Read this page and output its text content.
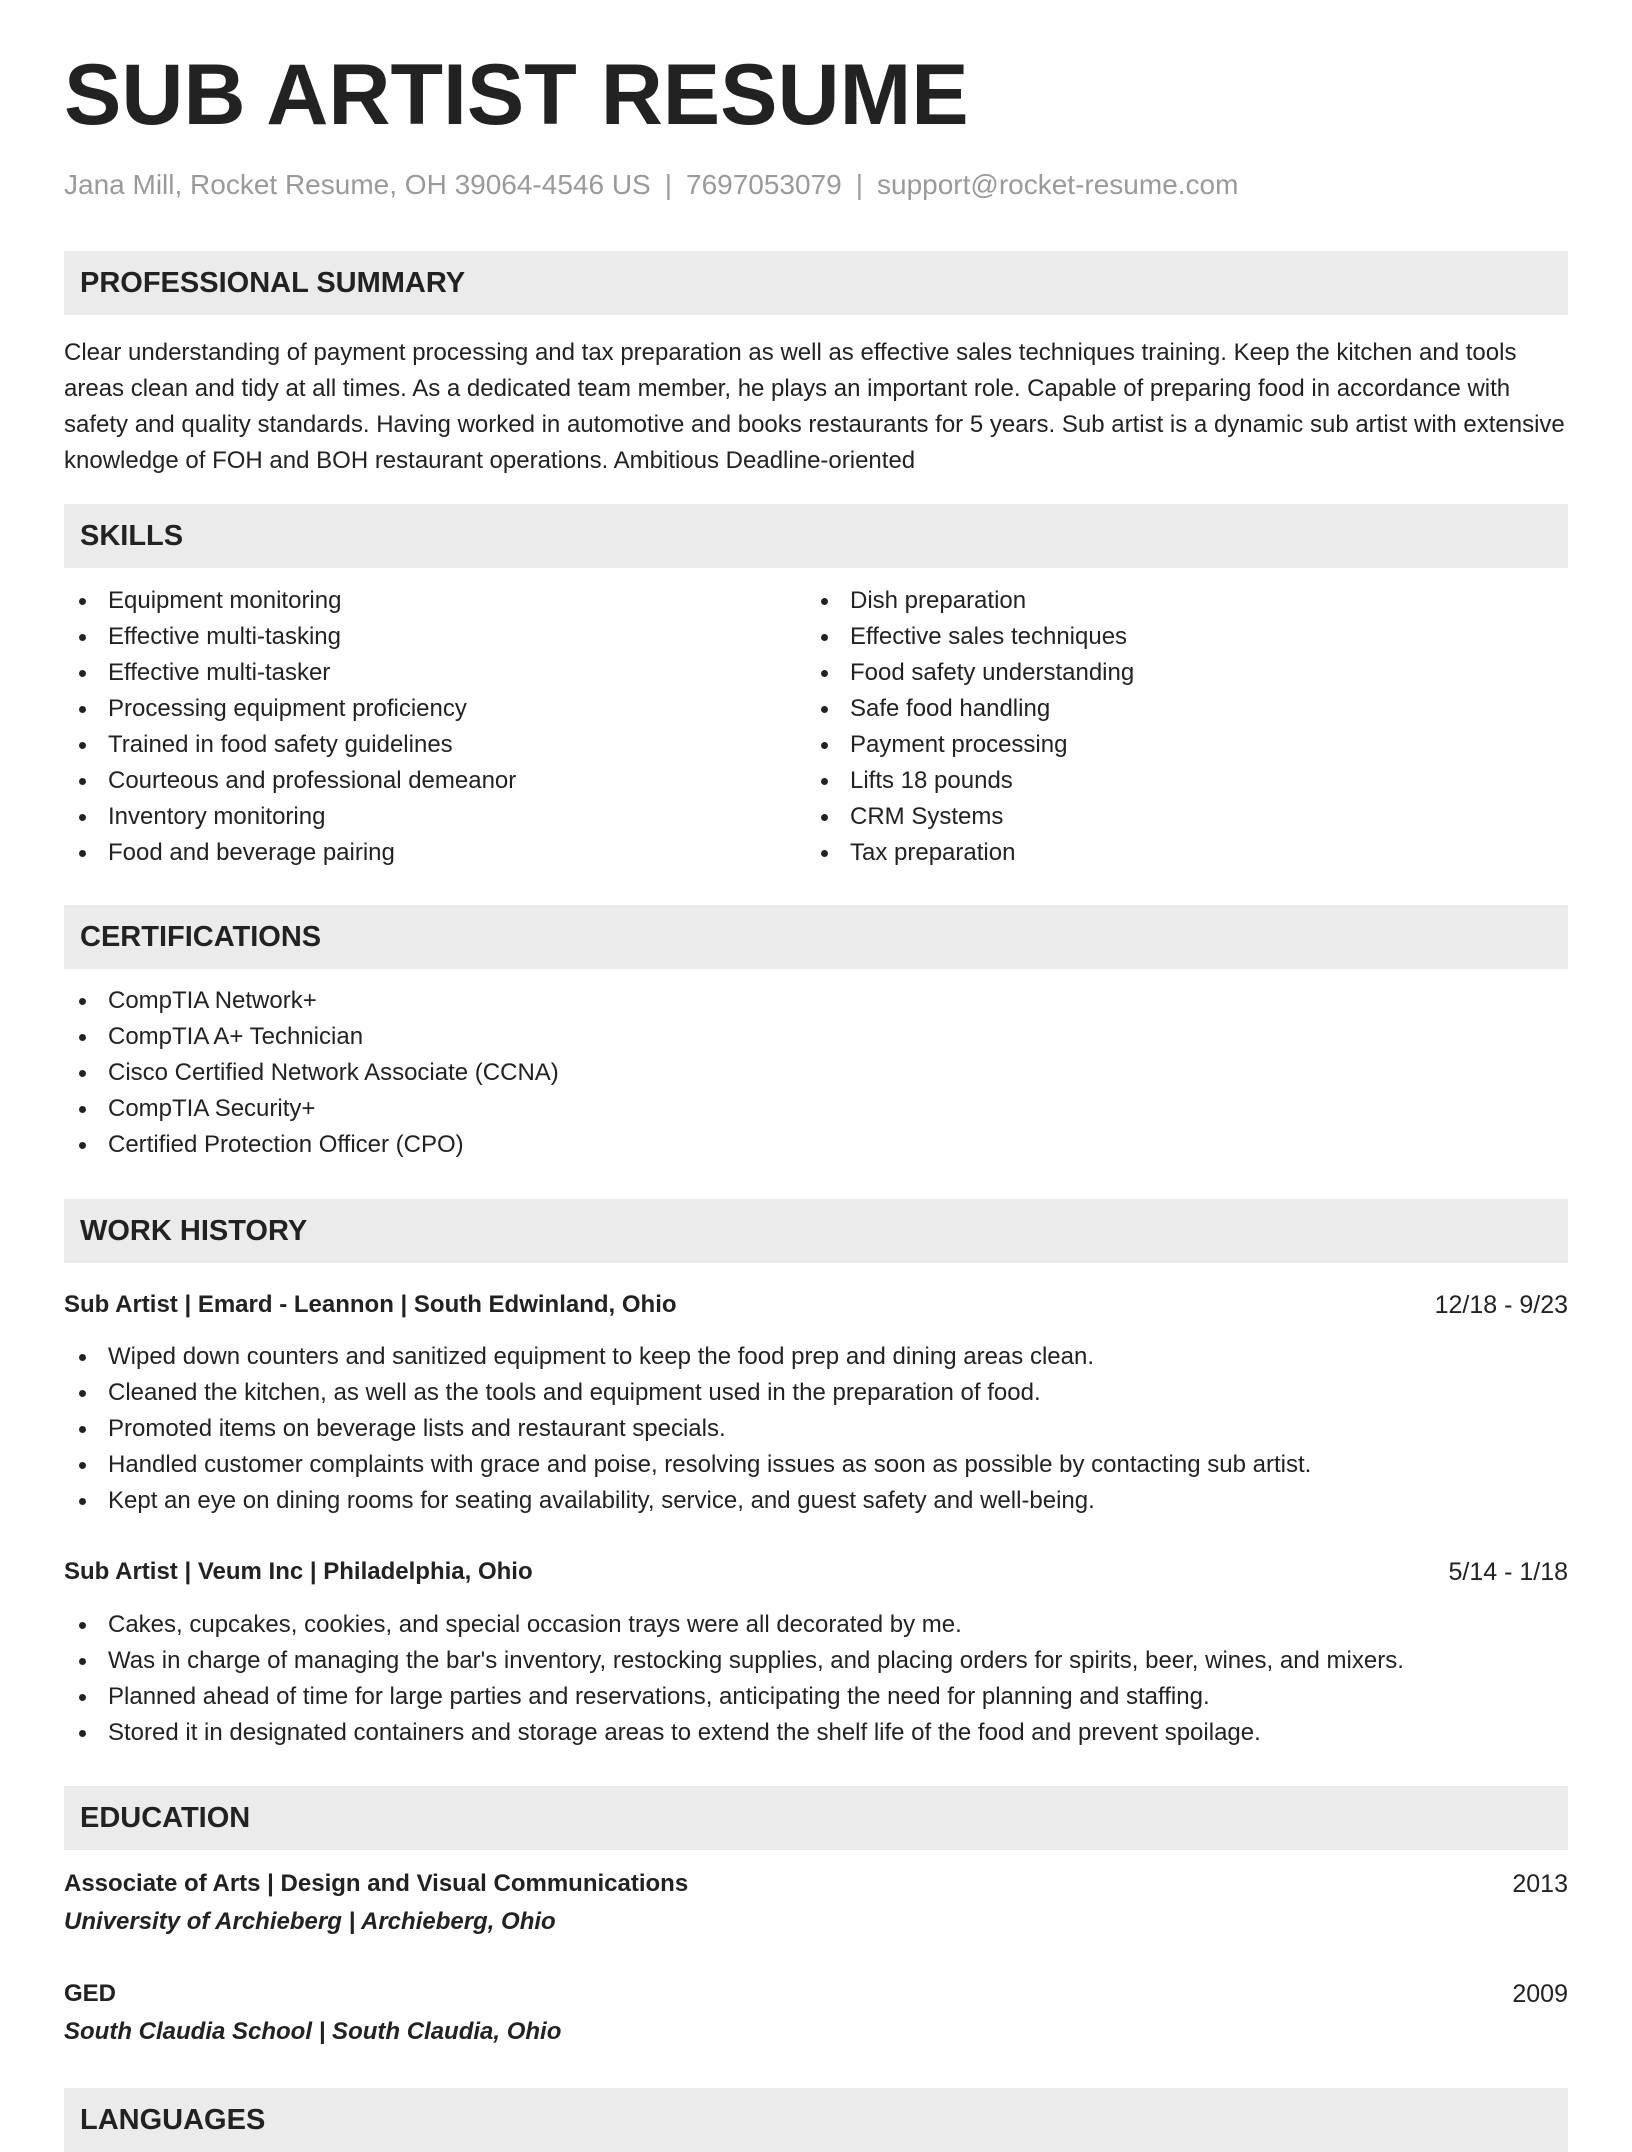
SUB ARTIST RESUME
Jana Mill, Rocket Resume, OH 39064-4546 US | 7697053079 | support@rocket-resume.com
PROFESSIONAL SUMMARY

Clear understanding of payment processing and tax preparation as well as effective sales techniques training. Keep the kitchen and tools areas clean and tidy at all times. As a dedicated team member, he plays an important role. Capable of preparing food in accordance with safety and quality standards. Having worked in automotive and books restaurants for 5 years. Sub artist is a dynamic sub artist with extensive knowledge of FOH and BOH restaurant operations. Ambitious Deadline-oriented

SKILLS
Equipment monitoring
Effective multi-tasking
Effective multi-tasker
Processing equipment proficiency
Trained in food safety guidelines
Courteous and professional demeanor
Inventory monitoring
Food and beverage pairing
Dish preparation
Effective sales techniques
Food safety understanding
Safe food handling
Payment processing
Lifts 18 pounds
CRM Systems
Tax preparation
CERTIFICATIONS
CompTIA Network+
CompTIA A+ Technician
Cisco Certified Network Associate (CCNA)
CompTIA Security+
Certified Protection Officer (CPO)
WORK HISTORY
Sub Artist | Emard - Leannon | South Edwinland, Ohio	12/18 - 9/23
Wiped down counters and sanitized equipment to keep the food prep and dining areas clean.
Cleaned the kitchen, as well as the tools and equipment used in the preparation of food.
Promoted items on beverage lists and restaurant specials.
Handled customer complaints with grace and poise, resolving issues as soon as possible by contacting sub artist.
Kept an eye on dining rooms for seating availability, service, and guest safety and well-being.
Sub Artist | Veum Inc | Philadelphia, Ohio	5/14 - 1/18
Cakes, cupcakes, cookies, and special occasion trays were all decorated by me.
Was in charge of managing the bar's inventory, restocking supplies, and placing orders for spirits, beer, wines, and mixers.
Planned ahead of time for large parties and reservations, anticipating the need for planning and staffing.
Stored it in designated containers and storage areas to extend the shelf life of the food and prevent spoilage.
EDUCATION
Associate of Arts | Design and Visual Communications	2013
University of Archieberg | Archieberg, Ohio
GED	2009
South Claudia School | South Claudia, Ohio
LANGUAGES
